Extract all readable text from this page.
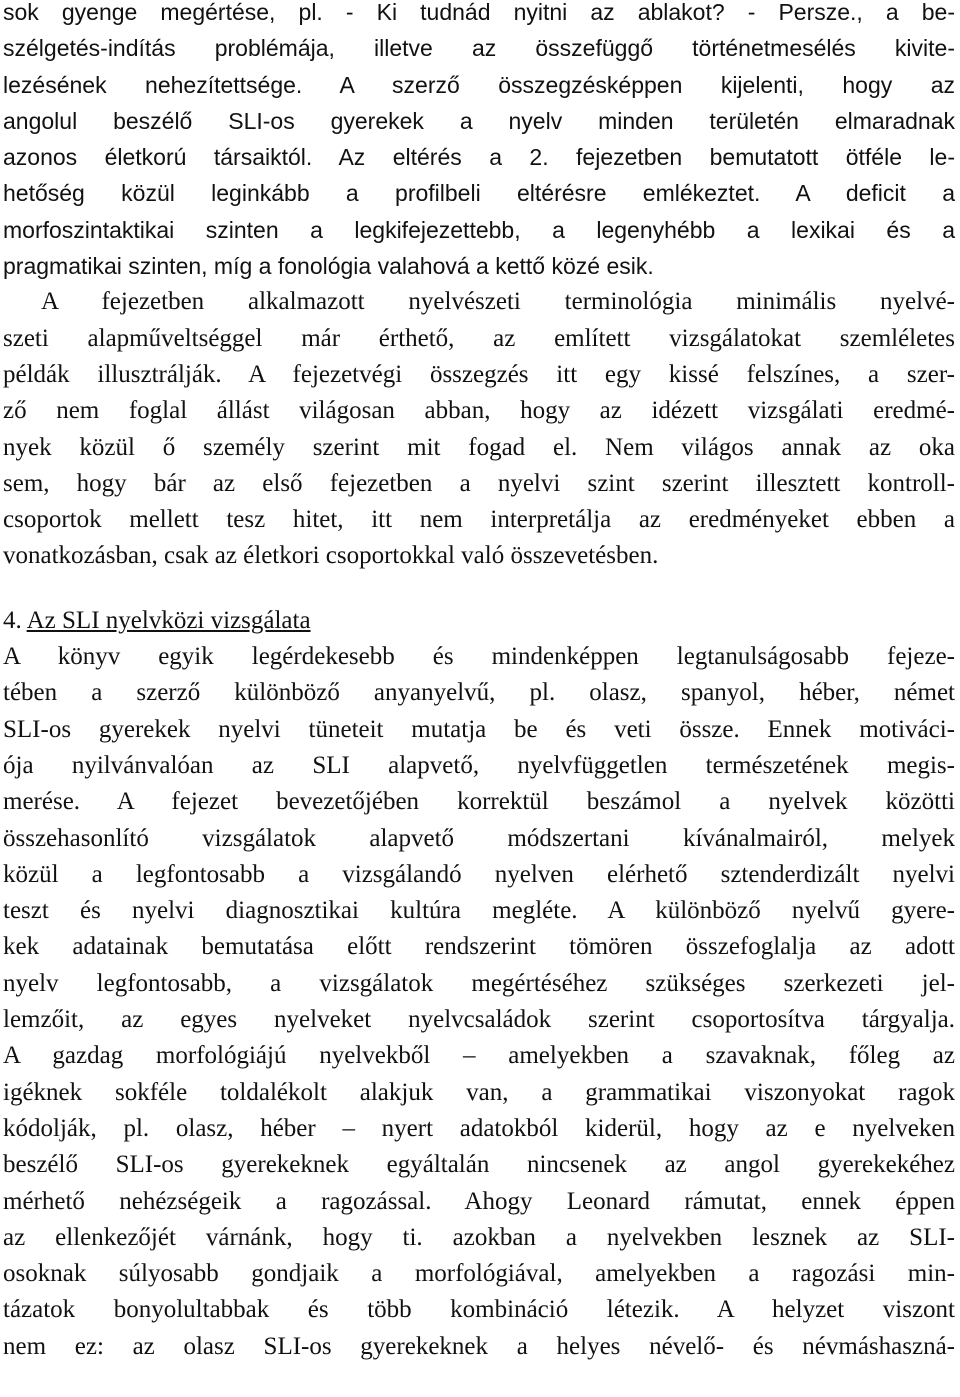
sok gyenge megértése, pl. - Ki tudnád nyitni az ablakot? - Persze., a be-
szélgetés-indítás problémája, illetve az összefüggő történetmesélés kivite-
lezésének nehezítettsége. A szerző összegzésképpen kijelenti, hogy az
angolul beszélő SLI-os gyerekek a nyelv minden területén elmaradnak
azonos életkorú társaiktól. Az eltérés a 2. fejezetben bemutatott ötféle le-
hetőség közül leginkább a profilbeli eltérésre emlékeztet. A deficit a
morfoszintaktikai szinten a legkifejezettebb, a legenyhébb a lexikai és a
pragmatikai szinten, míg a fonológia valahová a kettő közé esik.
A fejezetben alkalmazott nyelvészeti terminológia minimális nyelvé-
szeti alapműveltséggel már érthető, az említett vizsgálatokat szemléletes
példák illusztrálják. A fejezetvégi összegzés itt egy kissé felszínes, a szer-
ző nem foglal állást világosan abban, hogy az idézett vizsgálati eredmé-
nyek közül ő személy szerint mit fogad el. Nem világos annak az oka
sem, hogy bár az első fejezetben a nyelvi szint szerint illesztett kontroll-
csoportok mellett tesz hitet, itt nem interpretálja az eredményeket ebben a
vonatkozásban, csak az életkori csoportokkal való összevetésben.
4. Az SLI nyelvközi vizsgálata
A könyv egyik legérdekesebb és mindenképpen legtanulságosabb fejeze-
tében a szerző különböző anyanyelvű, pl. olasz, spanyol, héber, német
SLI-os gyerekek nyelvi tüneteit mutatja be és veti össze. Ennek motiváci-
ója nyilvánvalóan az SLI alapvető, nyelvfüggetlen természetének megis-
merése. A fejezet bevezetőjében korrektül beszámol a nyelvek közötti
összehasonlító vizsgálatok alapvető módszertani kívánalmairól, melyek
közül a legfontosabb a vizsgálandó nyelven elérhető sztenderdizált nyelvi
teszt és nyelvi diagnosztikai kultúra megléte. A különböző nyelvű gyere-
kek adatainak bemutatása előtt rendszerint tömören összefoglalja az adott
nyelv legfontosabb, a vizsgálatok megértéséhez szükséges szerkezeti jel-
lemzőit, az egyes nyelveket nyelvcsaládok szerint csoportosítva tárgyalja.
A gazdag morfológiájú nyelvekből – amelyekben a szavaknak, főleg az
igéknek sokféle toldalékolt alakjuk van, a grammatikai viszonyokat ragok
kódolják, pl. olasz, héber – nyert adatokból kiderül, hogy az e nyelveken
beszélő SLI-os gyerekeknek egyáltalán nincsenek az angol gyerekekéhez
mérhető nehézségeik a ragozással. Ahogy Leonard rámutat, ennek éppen
az ellenkezőjét várnánk, hogy ti. azokban a nyelvekben lesznek az SLI-
osoknak súlyosabb gondjaik a morfológiával, amelyekben a ragozási min-
tázatok bonyolultabbak és több kombináció létezik. A helyzet viszont
nem ez: az olasz SLI-os gyerekeknek a helyes névelő- és névmáshaszná-
